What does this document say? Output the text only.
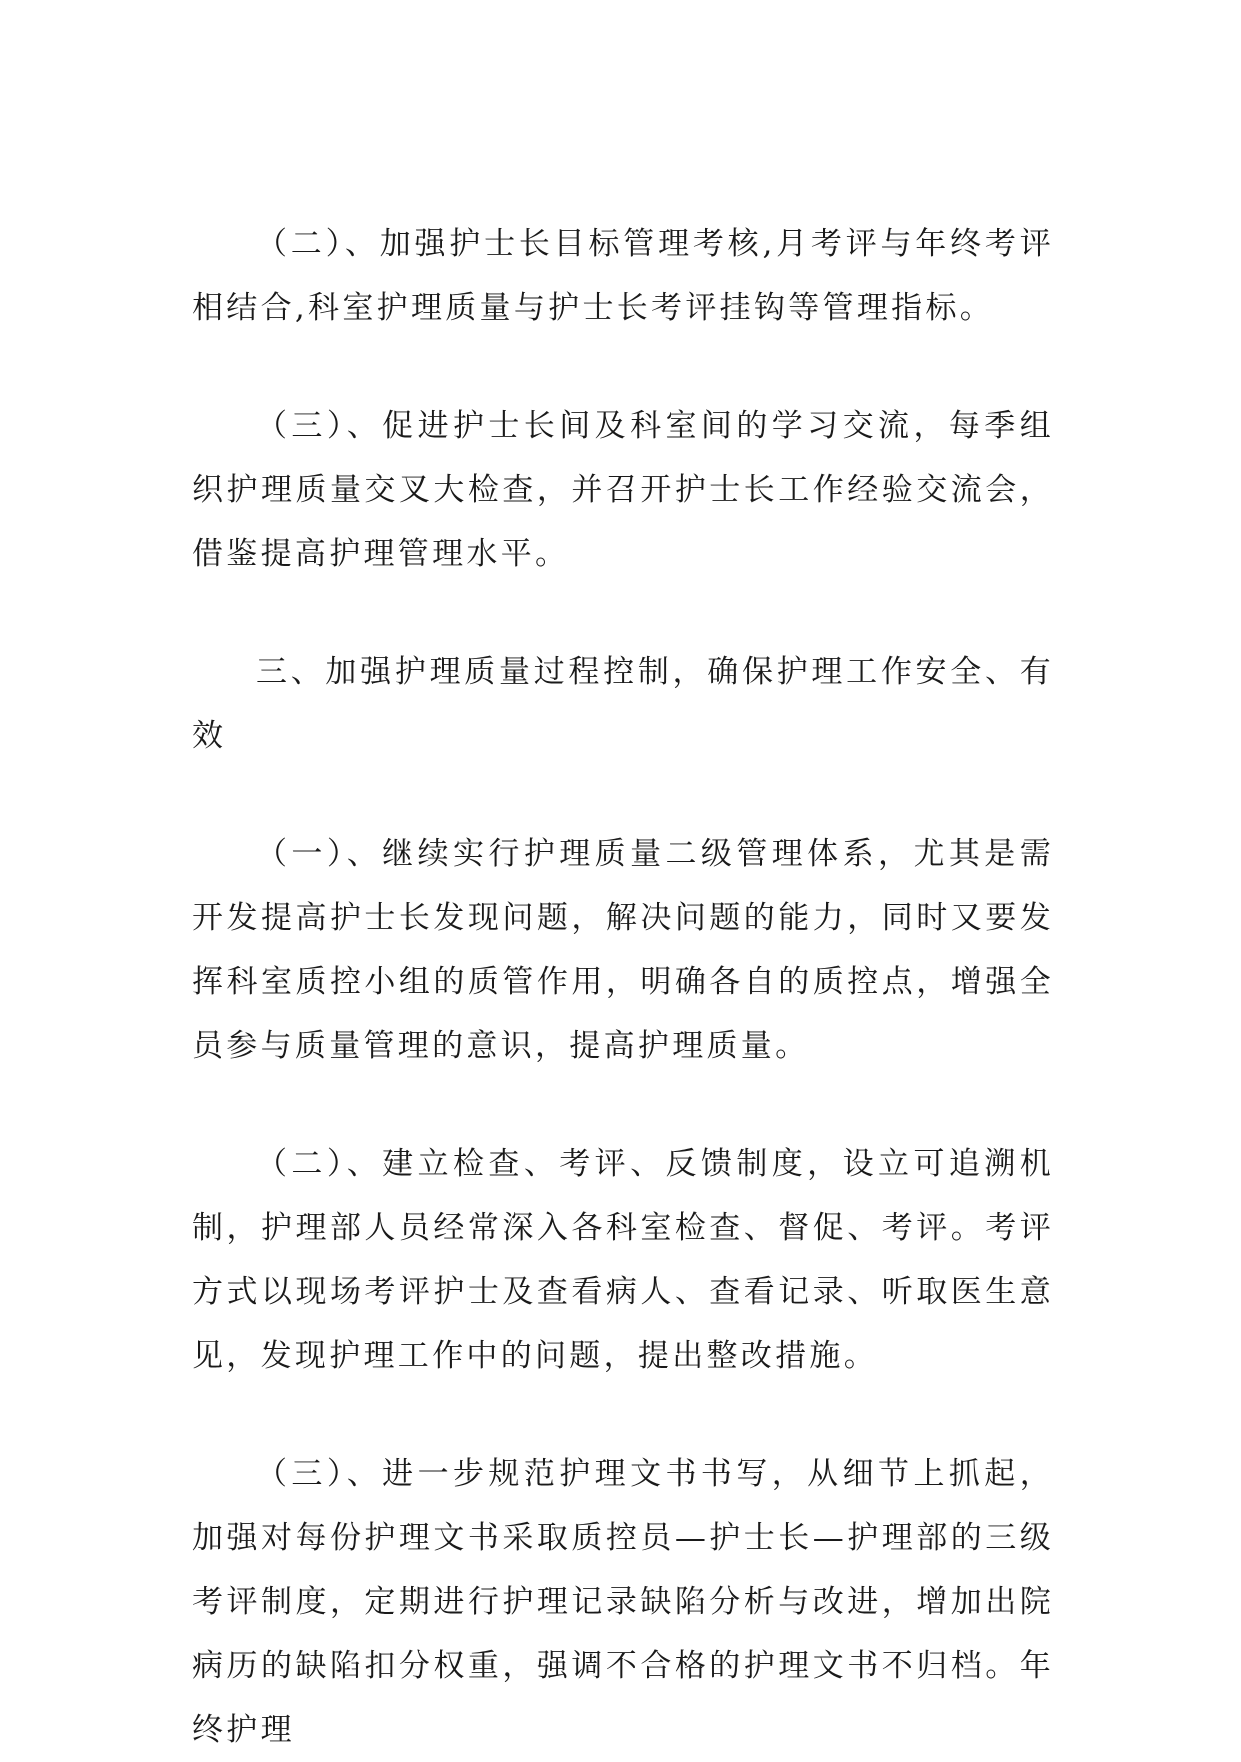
（二）、加强护士长目标管理考核,月考评与年终考评相结合,科室护理质量与护士长考评挂钩等管理指标。

（三）、促进护士长间及科室间的学习交流，每季组织护理质量交叉大检查，并召开护士长工作经验交流会，借鉴提高护理管理水平。

三、加强护理质量过程控制，确保护理工作安全、有效

（一）、继续实行护理质量二级管理体系，尤其是需开发提高护士长发现问题，解决问题的能力，同时又要发挥科室质控小组的质管作用，明确各自的质控点，增强全员参与质量管理的意识，提高护理质量。

（二）、建立检查、考评、反馈制度，设立可追溯机制，护理部人员经常深入各科室检查、督促、考评。考评方式以现场考评护士及查看病人、查看记录、听取医生意见，发现护理工作中的问题，提出整改措施。

（三）、进一步规范护理文书书写，从细节上抓起，加强对每份护理文书采取质控员—护士长—护理部的三级考评制度，定期进行护理记录缺陷分析与改进，增加出院病历的缺陷扣分权重，强调不合格的护理文书不归档。年终护理
